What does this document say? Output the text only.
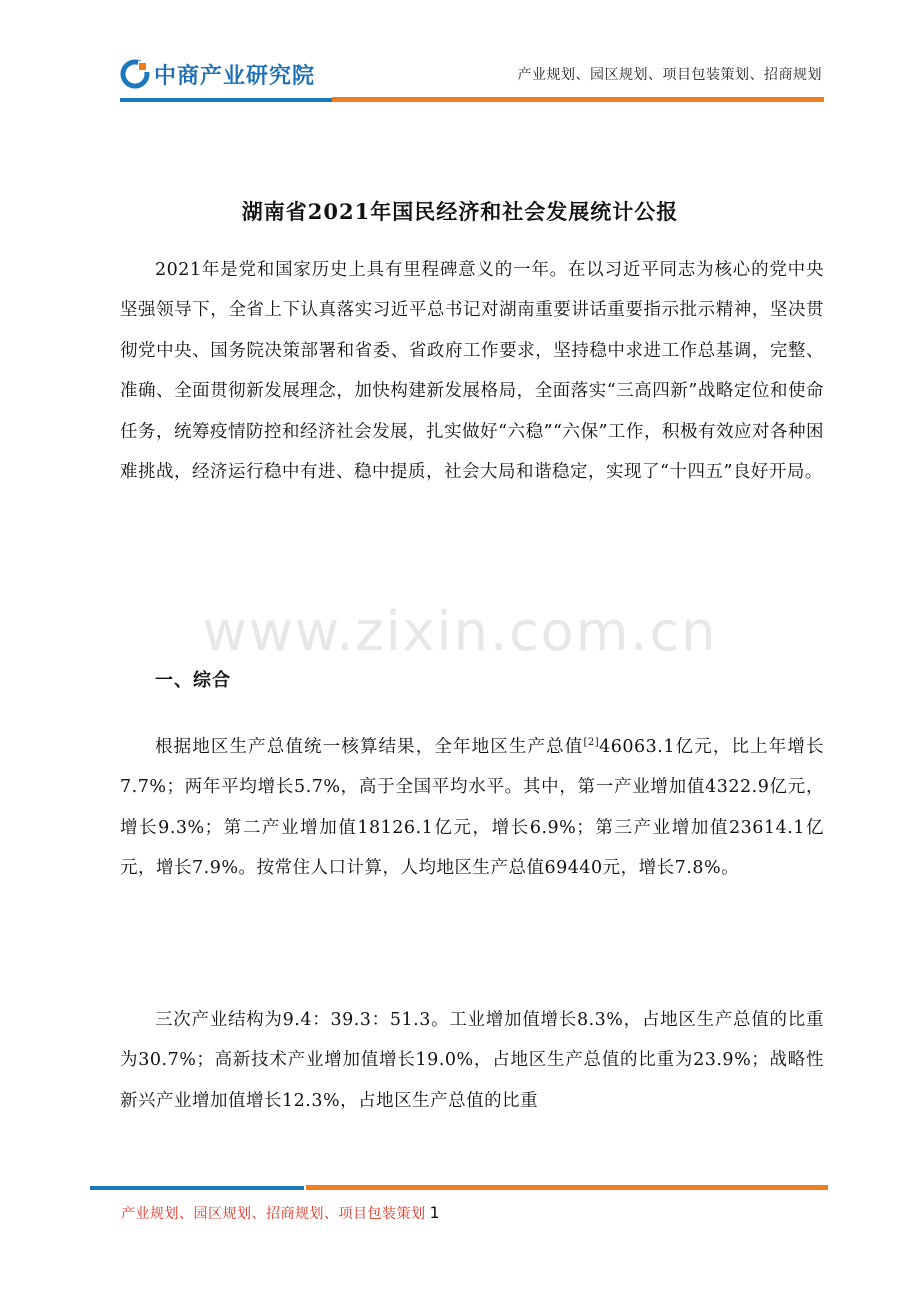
中商产业研究院	产业规划、园区规划、项目包装策划、招商规划
湖南省2021年国民经济和社会发展统计公报

2021年是党和国家历史上具有里程碑意义的一年。在以习近平同志为核心的党中央坚强领导下，全省上下认真落实习近平总书记对湖南重要讲话重要指示批示精神，坚决贯彻党中央、国务院决策部署和省委、省政府工作要求，坚持稳中求进工作总基调，完整、准确、全面贯彻新发展理念，加快构建新发展格局，全面落实“三高四新”战略定位和使命任务，统筹疫情防控和经济社会发展，扎实做好“六稳”“六保”工作，积极有效应对各种困难挑战，经济运行稳中有进、稳中提质，社会大局和谐稳定，实现了“十四五”良好开局。

www.zixin.com.cn
一、综合

根据地区生产总值统一核算结果，全年地区生产总值[2]46063.1亿元，比上年增长7.7%；两年平均增长5.7%，高于全国平均水平。其中，第一产业增加值4322.9亿元，增长9.3%；第二产业增加值18126.1亿元，增长6.9%；第三产业增加值23614.1亿元，增长7.9%。按常住人口计算，人均地区生产总值69440元，增长7.8%。

三次产业结构为9.4：39.3：51.3。工业增加值增长8.3%，占地区生产总值的比重为30.7%；高新技术产业增加值增长19.0%，占地区生产总值的比重为23.9%；战略性新兴产业增加值增长12.3%，占地区生产总值的比重

产业规划、园区规划、招商规划、项目包装策划 1
